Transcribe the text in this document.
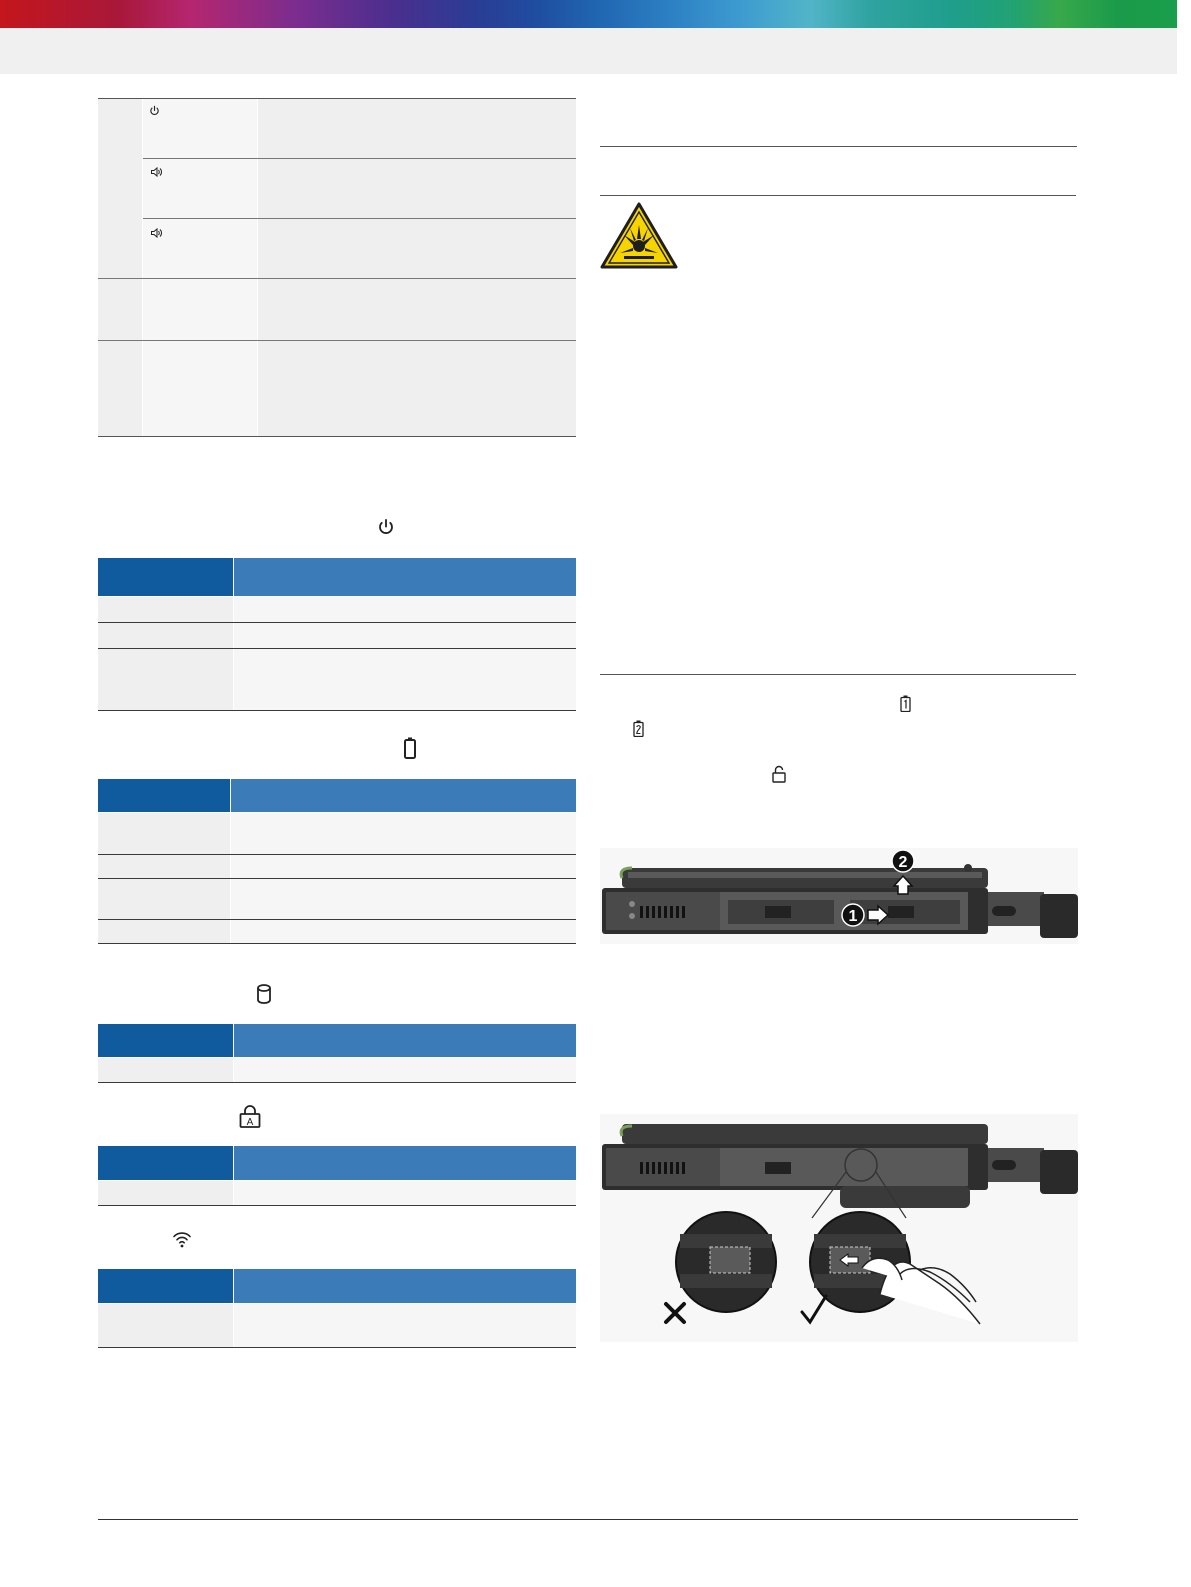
A
1
2
